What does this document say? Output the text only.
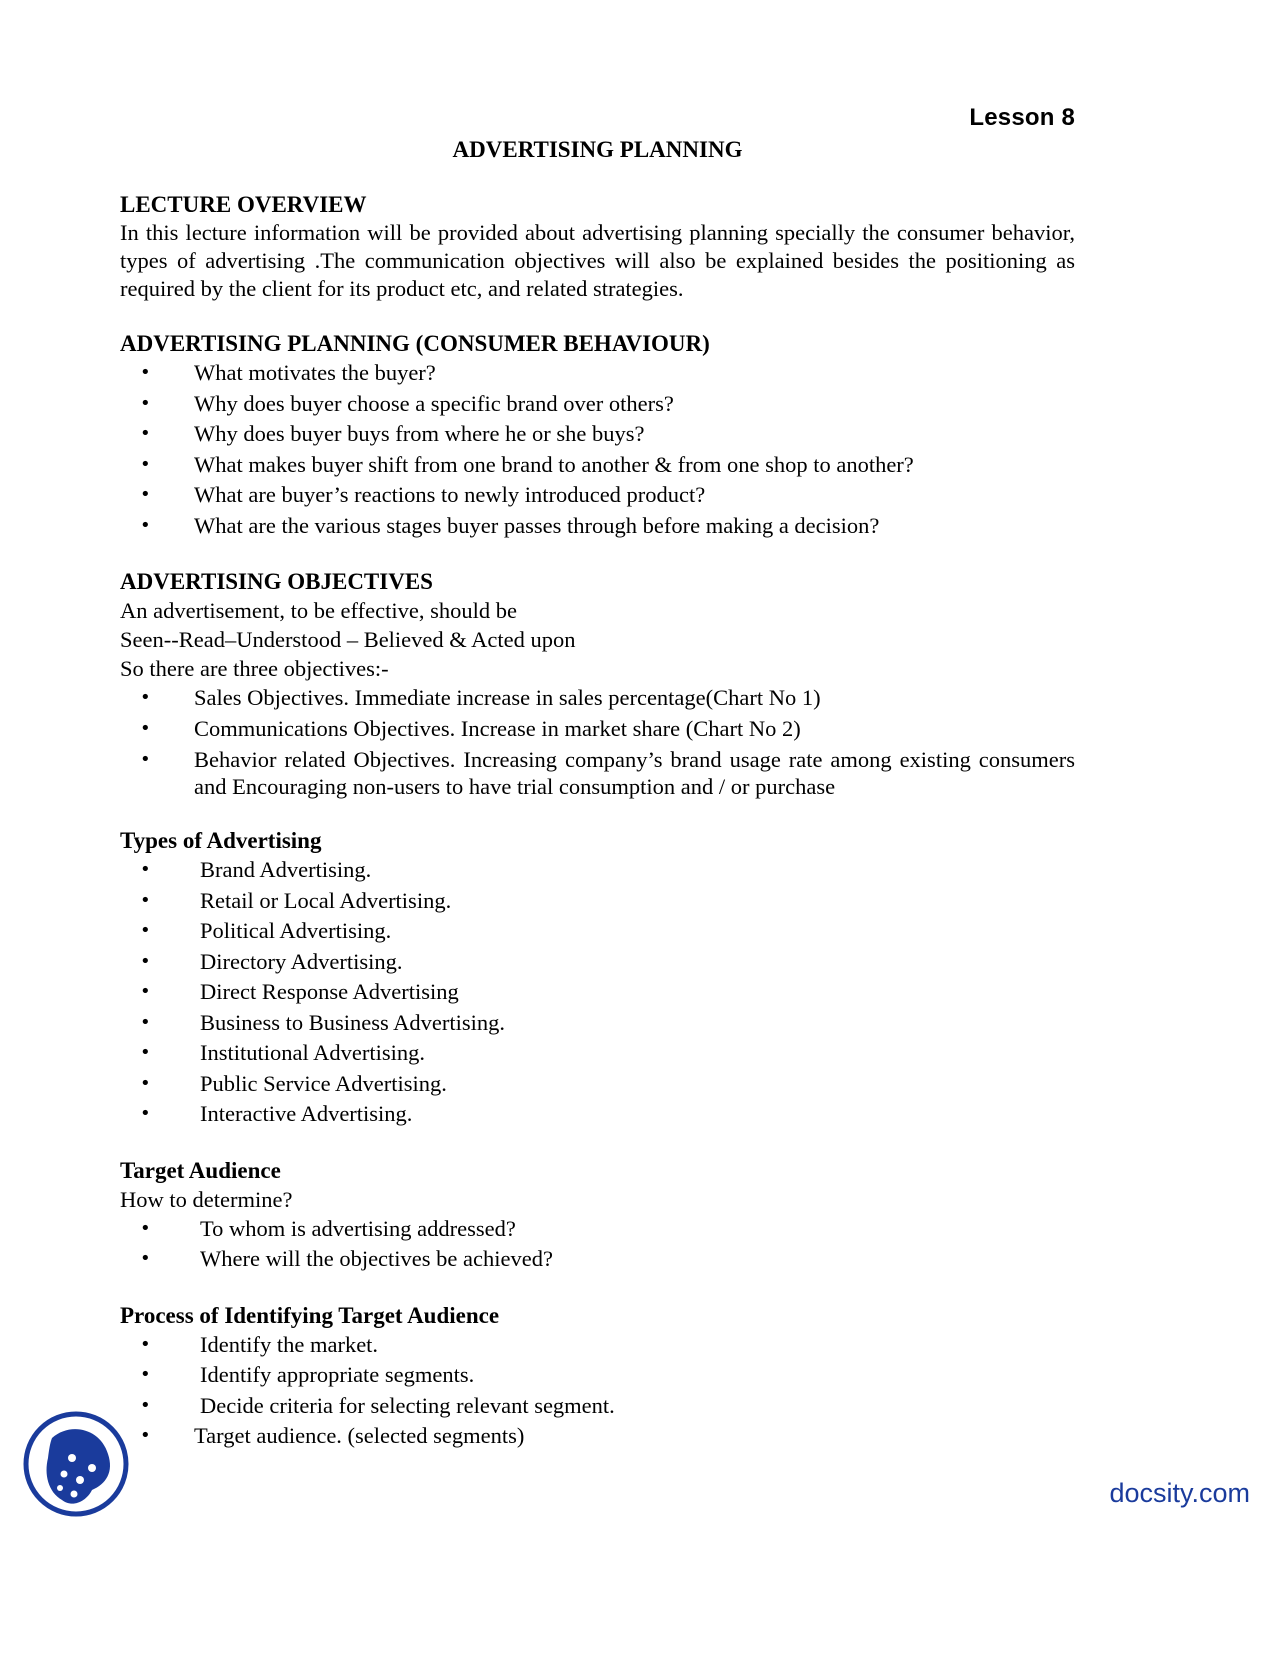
Lesson 8
ADVERTISING PLANNING
LECTURE OVERVIEW
In this lecture information will be provided about advertising planning specially the consumer behavior, types of advertising .The communication objectives will also be explained besides the positioning as required by the client for its product etc, and related strategies.
ADVERTISING PLANNING (CONSUMER BEHAVIOUR)
• What motivates the buyer?
• Why does buyer choose a specific brand over others?
• Why does buyer buys from where he or she buys?
• What makes buyer shift from one brand to another & from one shop to another?
• What are buyer’s reactions to newly introduced product?
• What are the various stages buyer passes through before making a decision?
ADVERTISING OBJECTIVES
An advertisement, to be effective, should be
Seen--Read–Understood – Believed & Acted upon
So there are three objectives:-
• Sales Objectives. Immediate increase in sales percentage(Chart No 1)
• Communications Objectives. Increase in market share (Chart No 2)
• Behavior related Objectives. Increasing company’s brand usage rate among existing consumers and Encouraging non-users to have trial consumption and / or purchase
Types of Advertising
• Brand Advertising.
• Retail or Local Advertising.
• Political Advertising.
• Directory Advertising.
• Direct Response Advertising
• Business to Business Advertising.
• Institutional Advertising.
• Public Service Advertising.
• Interactive Advertising.
Target Audience
How to determine?
• To whom is advertising addressed?
• Where will the objectives be achieved?
Process of Identifying Target Audience
• Identify the market.
• Identify appropriate segments.
• Decide criteria for selecting relevant segment.
• Target audience. (selected segments)
docsity.com
